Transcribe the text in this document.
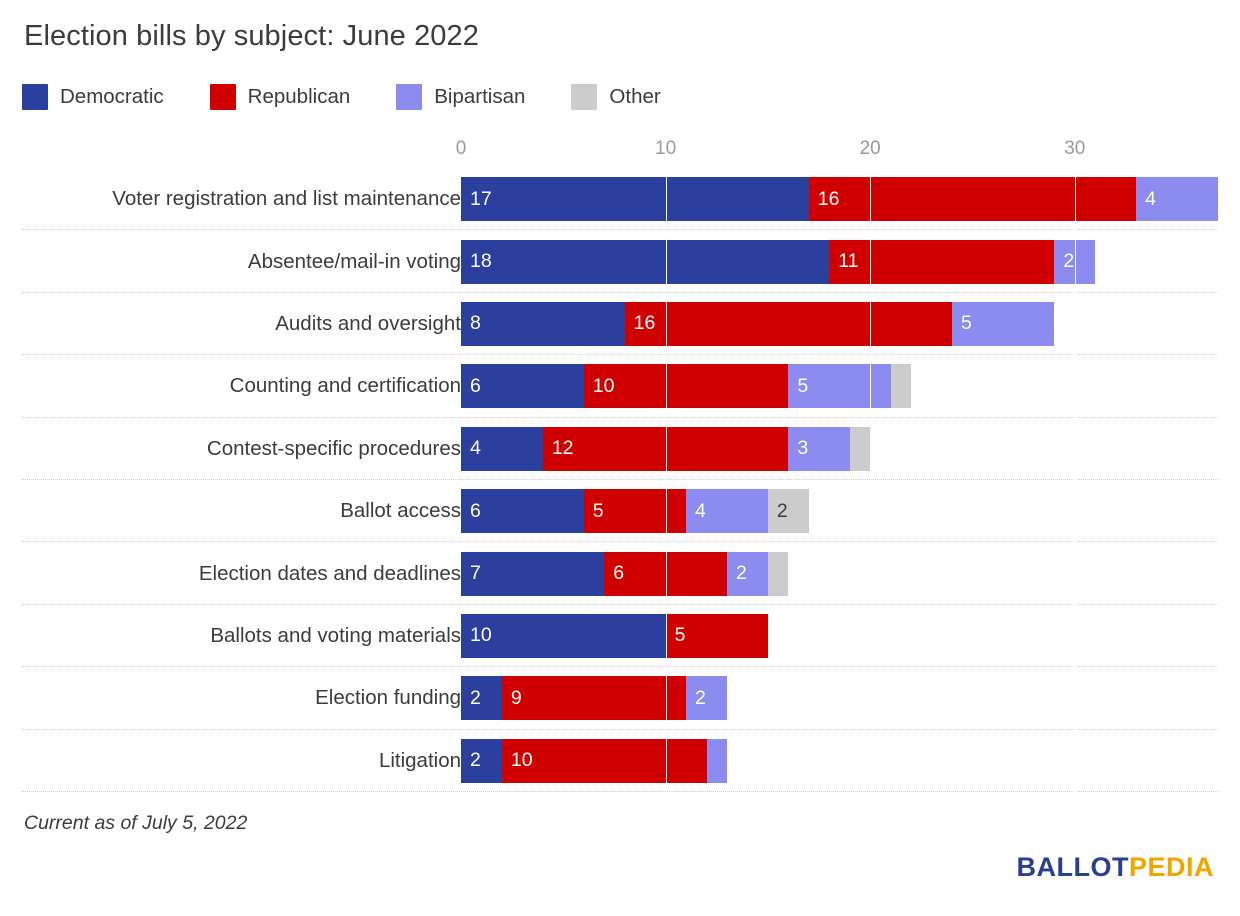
Election bills by subject: June 2022
Democratic	Republican	Bipartisan	Other
0	10	20	30
Voter registration and list maintenance 17	16	4
Absentee/mail-in voting 18	11	2
Audits and oversight 8	16	5
Counting and certification 6	10	5
Contest-specific procedures 4	12	3
Ballot access 6	5	4	2
Election dates and deadlines 7	6	2
Ballots and voting materials 10	5
Election funding 2	9	2
Litigation 2	10
Current as of July 5, 2022
BALLOTPEDIA
